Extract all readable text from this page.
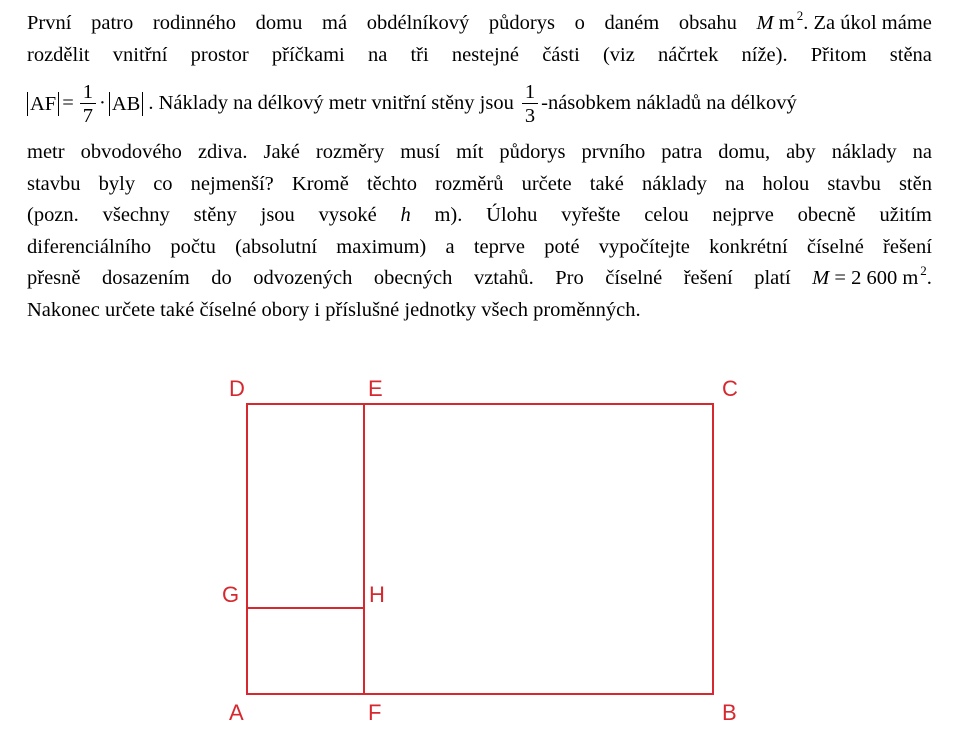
První patro rodinného domu má obdélníkový půdorys o daném obsahu M m $^2$. Za úkol máme
rozdělit vnitřní prostor příčkami na tři nestejné části (viz náčrtek níže). Přitom stěna
AF = $\frac{1}{7}$ · AB . Náklady na délkový metr vnitřní stěny jsou $\frac{1}{3}$ -násobkem nákladů na délkový
metr obvodového zdiva. Jaké rozměry musí mít půdorys prvního patra domu, aby náklady na
stavbu byly co nejmenší? Kromě těchto rozměrů určete také náklady na holou stavbu stěn
(pozn. všechny stěny jsou vysoké h m). Úlohu vyřešte celou nejprve obecně užitím
diferenciálního počtu (absolutní maximum) a teprve poté vypočítejte konkrétní číselné řešení
přesně dosazením do odvozených obecných vztahů. Pro číselné řešení platí M = 2 600 m $^2$.
Nakonec určete také číselné obory i příslušné jednotky všech proměnných.
D	E	C
G	H
A	F	B
